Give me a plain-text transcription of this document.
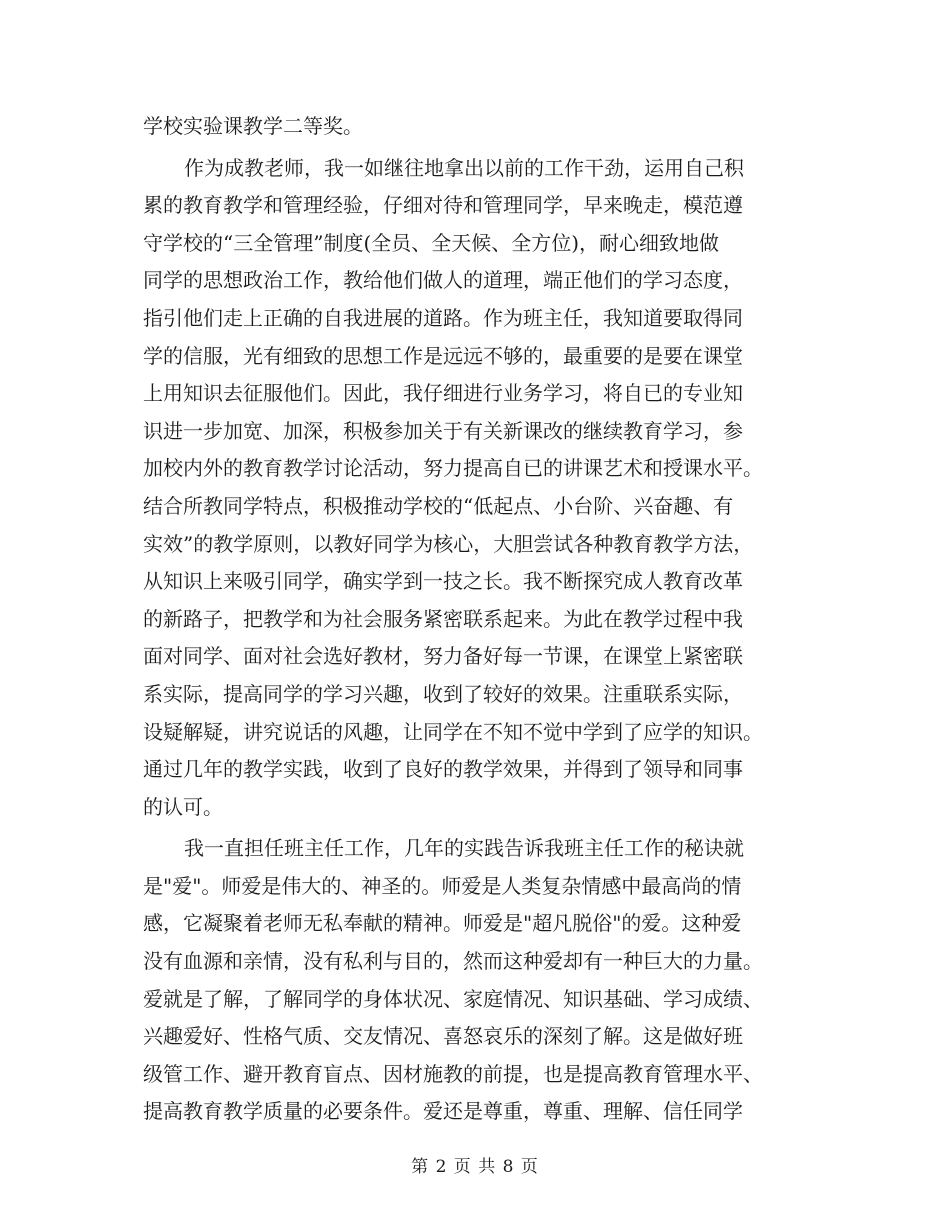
学校实验课教学二等奖。
作为成教老师，我一如继往地拿出以前的工作干劲，运用自己积
累的教育教学和管理经验，仔细对待和管理同学，早来晚走，模范遵
守学校的“三全管理”制度(全员、全天候、全方位)，耐心细致地做
同学的思想政治工作，教给他们做人的道理，端正他们的学习态度，
指引他们走上正确的自我进展的道路。作为班主任，我知道要取得同
学的信服，光有细致的思想工作是远远不够的，最重要的是要在课堂
上用知识去征服他们。因此，我仔细进行业务学习，将自已的专业知
识进一步加宽、加深，积极参加关于有关新课改的继续教育学习，参
加校内外的教育教学讨论活动，努力提高自已的讲课艺术和授课水平。
结合所教同学特点，积极推动学校的“低起点、小台阶、兴奋趣、有
实效”的教学原则，以教好同学为核心，大胆尝试各种教育教学方法，
从知识上来吸引同学，确实学到一技之长。我不断探究成人教育改革
的新路子，把教学和为社会服务紧密联系起来。为此在教学过程中我
面对同学、面对社会选好教材，努力备好每一节课，在课堂上紧密联
系实际，提高同学的学习兴趣，收到了较好的效果。注重联系实际，
设疑解疑，讲究说话的风趣，让同学在不知不觉中学到了应学的知识。
通过几年的教学实践，收到了良好的教学效果，并得到了领导和同事
的认可。
我一直担任班主任工作，几年的实践告诉我班主任工作的秘诀就
是"爱"。师爱是伟大的、神圣的。师爱是人类复杂情感中最高尚的情
感，它凝聚着老师无私奉献的精神。师爱是"超凡脱俗"的爱。这种爱
没有血源和亲情，没有私利与目的，然而这种爱却有一种巨大的力量。
爱就是了解，了解同学的身体状况、家庭情况、知识基础、学习成绩、
兴趣爱好、性格气质、交友情况、喜怒哀乐的深刻了解。这是做好班
级管工作、避开教育盲点、因材施教的前提，也是提高教育管理水平、
提高教育教学质量的必要条件。爱还是尊重，尊重、理解、信任同学
第 2 页 共 8 页
